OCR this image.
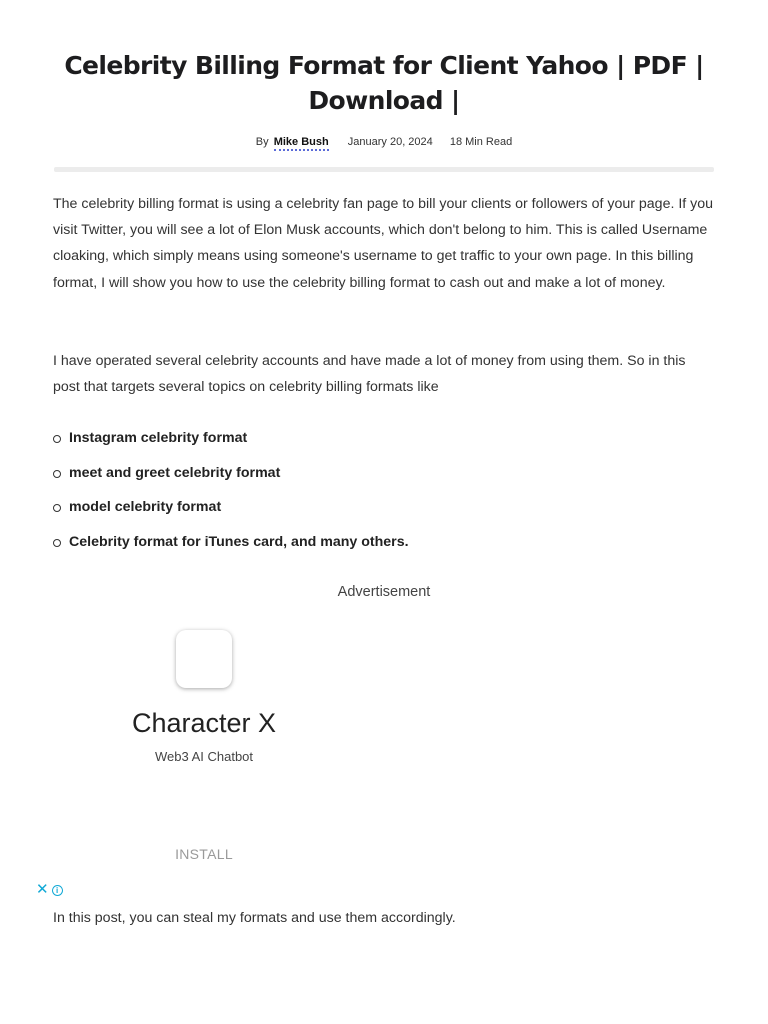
Celebrity Billing Format for Client Yahoo | PDF | Download |
By Mike Bush January 20, 2024 18 Min Read

The celebrity billing format is using a celebrity fan page to bill your clients or followers of your page. If you visit Twitter, you will see a lot of Elon Musk accounts, which don't belong to him. This is called Username cloaking, which simply means using someone's username to get traffic to your own page. In this billing format, I will show you how to use the celebrity billing format to cash out and make a lot of money.

I have operated several celebrity accounts and have made a lot of money from using them. So in this post that targets several topics on celebrity billing formats like

Instagram celebrity format
meet and greet celebrity format
model celebrity format
Celebrity format for iTunes card, and many others.
Advertisement
Character X
Web3 AI Chatbot
INSTALL
✕ i

In this post, you can steal my formats and use them accordingly.
